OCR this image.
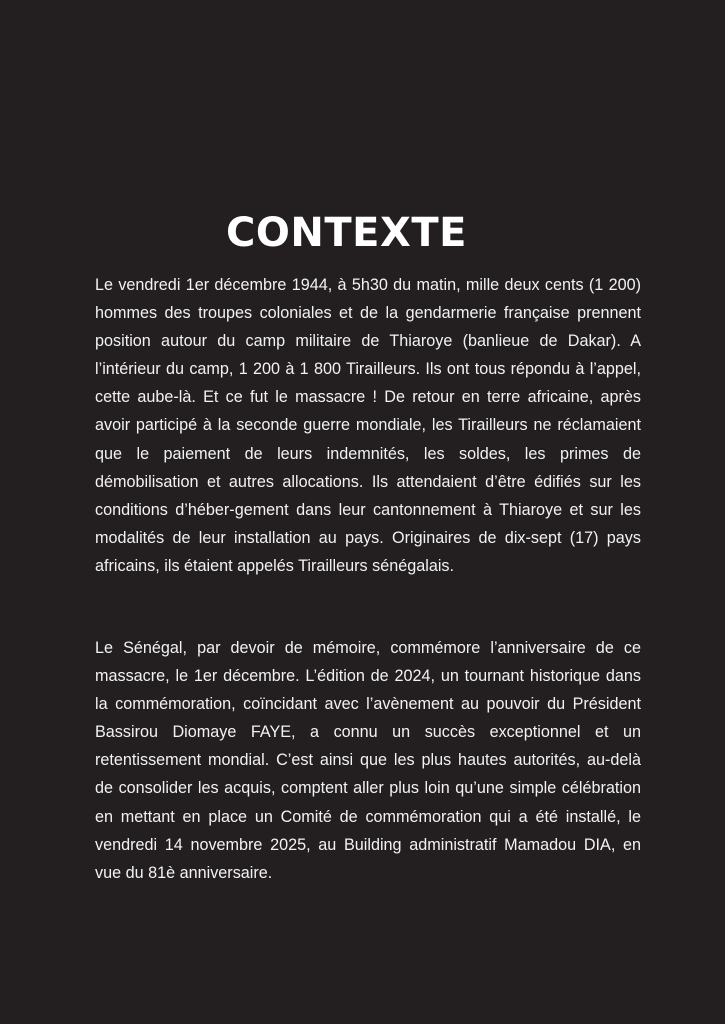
CONTEXTE

Le vendredi 1er décembre 1944, à 5h30 du matin, mille deux cents (1 200) hommes des troupes coloniales et de la gendarmerie française prennent position autour du camp militaire de Thiaroye (banlieue de Dakar). A l’intérieur du camp, 1 200 à 1 800 Tirailleurs. Ils ont tous répondu à l’appel, cette aube-là. Et ce fut le massacre ! De retour en terre africaine, après avoir participé à la seconde guerre mondiale, les Tirailleurs ne réclamaient que le paiement de leurs indemnités, les soldes, les primes de démobilisation et autres allocations. Ils attendaient d’être édifiés sur les conditions d’héber-gement dans leur cantonnement à Thiaroye et sur les modalités de leur installation au pays. Originaires de dix-sept (17) pays africains, ils étaient appelés Tirailleurs sénégalais.

Le Sénégal, par devoir de mémoire, commémore l’anniversaire de ce massacre, le 1er décembre. L’édition de 2024, un tournant historique dans la commémoration, coïncidant avec l’avènement au pouvoir du Président Bassirou Diomaye FAYE, a connu un succès exceptionnel et un retentissement mondial. C’est ainsi que les plus hautes autorités, au-delà de consolider les acquis, comptent aller plus loin qu’une simple célébration en mettant en place un Comité de commémoration qui a été installé, le vendredi 14 novembre 2025, au Building administratif Mamadou DIA, en vue du 81è anniversaire.
